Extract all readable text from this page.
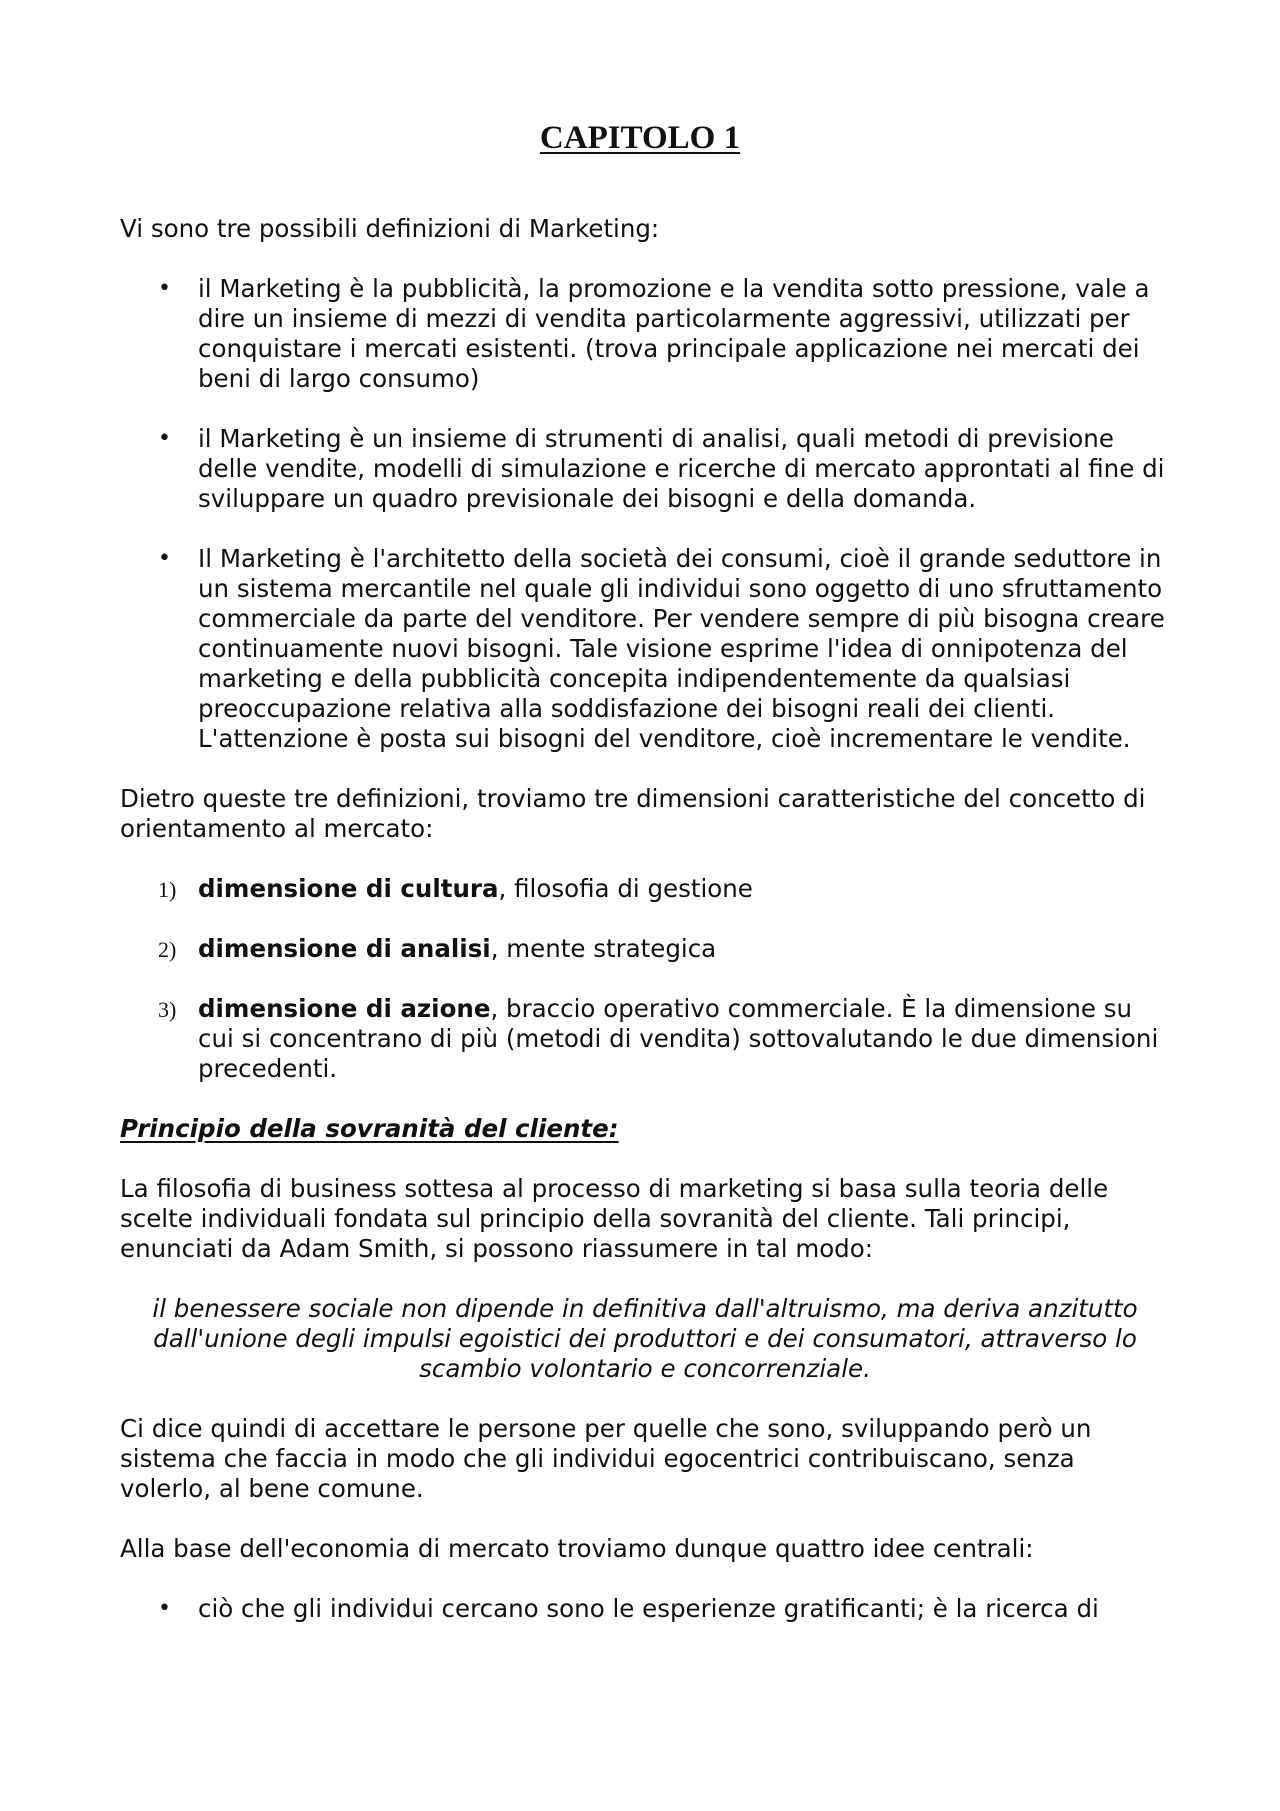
CAPITOLO 1

Vi sono tre possibili definizioni di Marketing:

•	il Marketing è la pubblicità, la promozione e la vendita sotto pressione, vale a dire un insieme di mezzi di vendita particolarmente aggressivi, utilizzati per conquistare i mercati esistenti. (trova principale applicazione nei mercati dei beni di largo consumo)
•	il Marketing è un insieme di strumenti di analisi, quali metodi di previsione delle vendite, modelli di simulazione e ricerche di mercato approntati al fine di sviluppare un quadro previsionale dei bisogni e della domanda.
•	Il Marketing è l'architetto della società dei consumi, cioè il grande seduttore in un sistema mercantile nel quale gli individui sono oggetto di uno sfruttamento commerciale da parte del venditore. Per vendere sempre di più bisogna creare continuamente nuovi bisogni. Tale visione esprime l'idea di onnipotenza del marketing e della pubblicità concepita indipendentemente da qualsiasi preoccupazione relativa alla soddisfazione dei bisogni reali dei clienti. L'attenzione è posta sui bisogni del venditore, cioè incrementare le vendite.

Dietro queste tre definizioni, troviamo tre dimensioni caratteristiche del concetto di orientamento al mercato:

1) dimensione di cultura, filosofia di gestione
2) dimensione di analisi, mente strategica
3) dimensione di azione, braccio operativo commerciale. È la dimensione su cui si concentrano di più (metodi di vendita) sottovalutando le due dimensioni precedenti.

Principio della sovranità del cliente:

La filosofia di business sottesa al processo di marketing si basa sulla teoria delle scelte individuali fondata sul principio della sovranità del cliente. Tali principi, enunciati da Adam Smith, si possono riassumere in tal modo:

il benessere sociale non dipende in definitiva dall'altruismo, ma deriva anzitutto dall'unione degli impulsi egoistici dei produttori e dei consumatori, attraverso lo scambio volontario e concorrenziale.

Ci dice quindi di accettare le persone per quelle che sono, sviluppando però un sistema che faccia in modo che gli individui egocentrici contribuiscano, senza volerlo, al bene comune.

Alla base dell'economia di mercato troviamo dunque quattro idee centrali:

•	ciò che gli individui cercano sono le esperienze gratificanti; è la ricerca di
